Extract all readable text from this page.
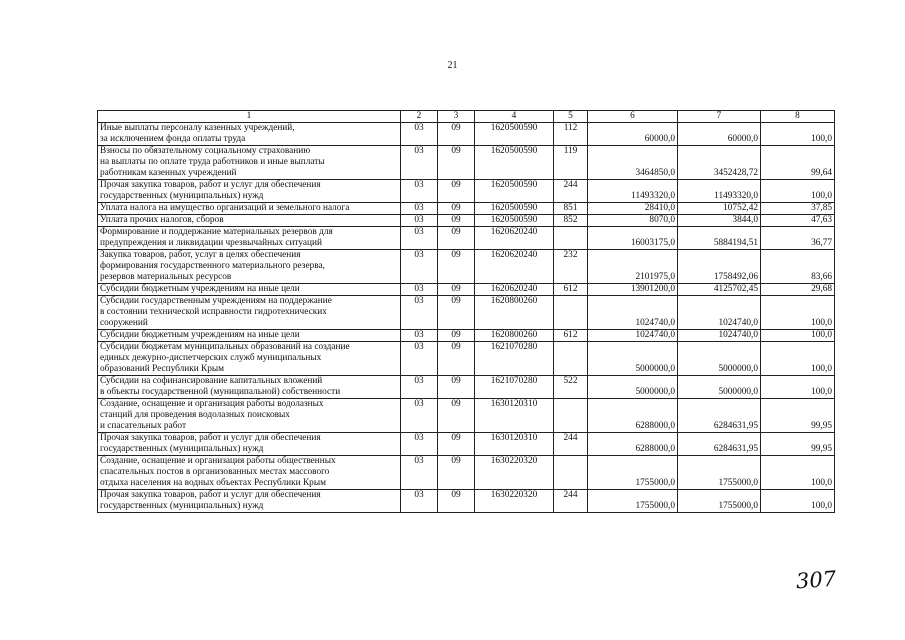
21
1	2	3	4	5	6	7	8
Иные выплаты персоналу казенных учреждений,
за исключением фонда оплаты труда	03	09	1620500590	112	60000,0	60000,0	100,0
Взносы по обязательному социальному страхованию
на выплаты по оплате труда работников и иные выплаты
работникам казенных учреждений	03	09	1620500590	119	3464850,0	3452428,72	99,64
Прочая закупка товаров, работ и услуг для обеспечения
государственных (муниципальных) нужд	03	09	1620500590	244	11493320,0	11493320,0	100,0
Уплата налога на имущество организаций и земельного налога	03	09	1620500590	851	28410,0	10752,42	37,85
Уплата прочих налогов, сборов	03	09	1620500590	852	8070,0	3844,0	47,63
Формирование и поддержание материальных резервов для
предупреждения и ликвидации чрезвычайных ситуаций	03	09	1620620240		16003175,0	5884194,51	36,77
Закупка товаров, работ, услуг в целях обеспечения
формирования государственного материального резерва,
резервов материальных ресурсов	03	09	1620620240	232	2101975,0	1758492,06	83,66
Субсидии бюджетным учреждениям на иные цели	03	09	1620620240	612	13901200,0	4125702,45	29,68
Субсидии государственным учреждениям на поддержание
в состоянии технической исправности гидротехнических
сооружений	03	09	1620800260		1024740,0	1024740,0	100,0
Субсидии бюджетным учреждениям на иные цели	03	09	1620800260	612	1024740,0	1024740,0	100,0
Субсидии бюджетам муниципальных образований на создание
единых дежурно-диспетчерских служб муниципальных
образований Республики Крым	03	09	1621070280		5000000,0	5000000,0	100,0
Субсидии на софинансирование капитальных вложений
в объекты государственной (муниципальной) собственности	03	09	1621070280	522	5000000,0	5000000,0	100,0
Создание, оснащение и организация работы водолазных
станций для проведения водолазных поисковых
и спасательных работ	03	09	1630120310		6288000,0	6284631,95	99,95
Прочая закупка товаров, работ и услуг для обеспечения
государственных (муниципальных) нужд	03	09	1630120310	244	6288000,0	6284631,95	99,95
Создание, оснащение и организация работы общественных
спасательных постов в организованных местах массового
отдыха населения на водных объектах Республики Крым	03	09	1630220320		1755000,0	1755000,0	100,0
Прочая закупка товаров, работ и услуг для обеспечения
государственных (муниципальных) нужд	03	09	1630220320	244	1755000,0	1755000,0	100,0
307
